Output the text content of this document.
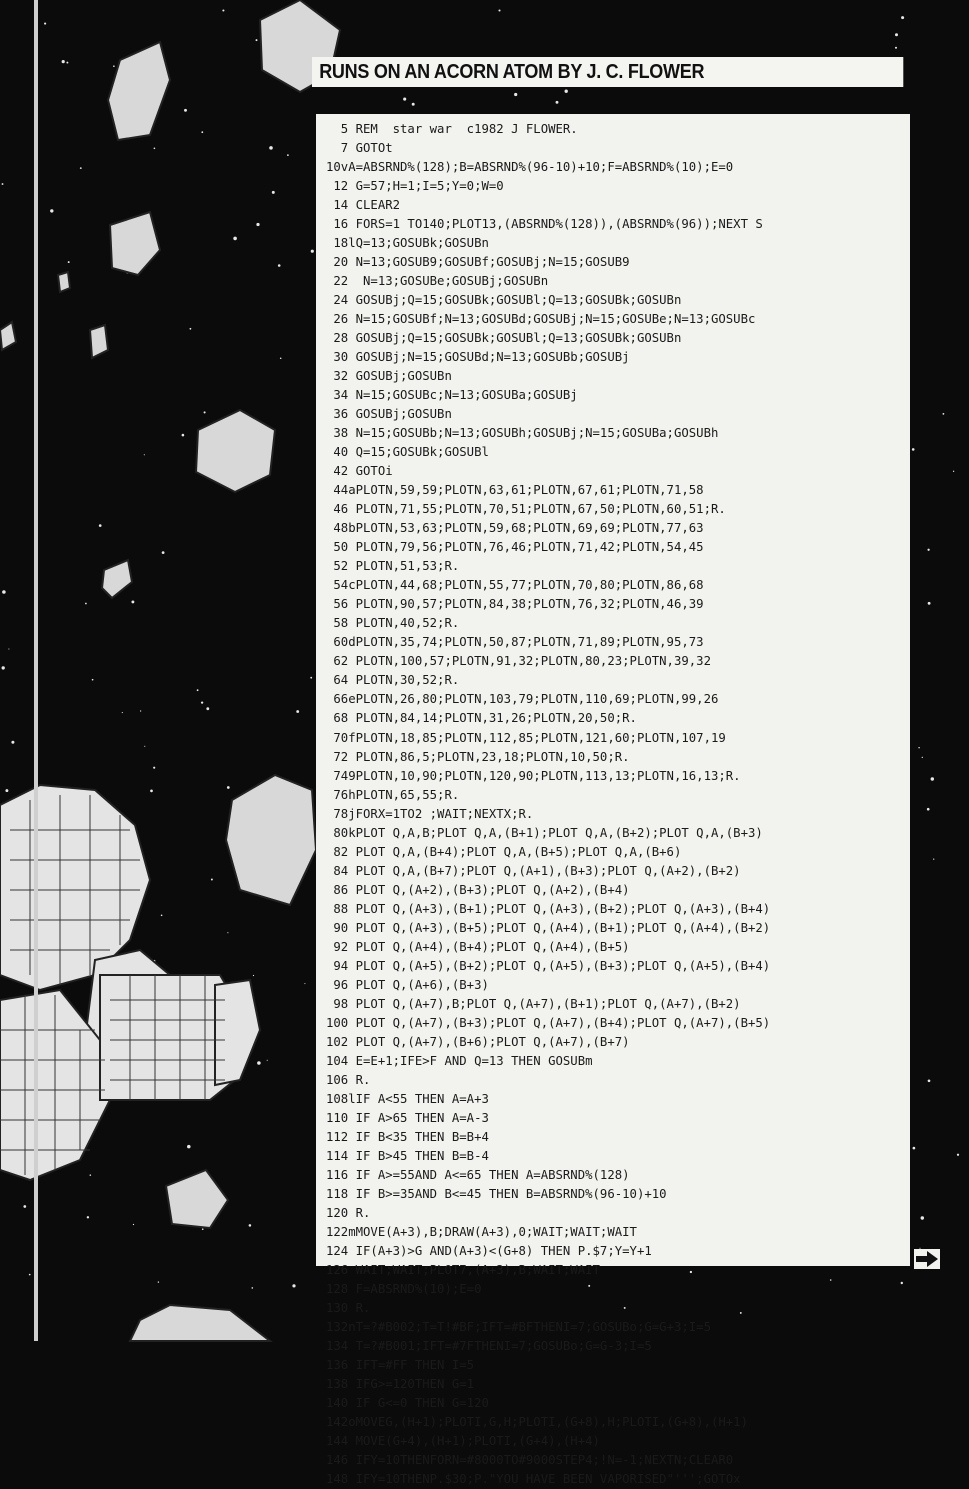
RUNS ON AN ACORN ATOM BY J. C. FLOWER
5 REM  star war  c1982 J FLOWER.
7 GOTOt
10vA=ABSRND%(128);B=ABSRND%(96-10)+10;F=ABSRND%(10);E=0
12 G=57;H=1;I=5;Y=0;W=0
14 CLEAR2
16 FORS=1 TO140;PLOT13,(ABSRND%(128)),(ABSRND%(96));NEXT S
18lQ=13;GOSUBk;GOSUBn
20 N=13;GOSUB9;GOSUBf;GOSUBj;N=15;GOSUB9
22  N=13;GOSUBe;GOSUBj;GOSUBn
24 GOSUBj;Q=15;GOSUBk;GOSUBl;Q=13;GOSUBk;GOSUBn
26 N=15;GOSUBf;N=13;GOSUBd;GOSUBj;N=15;GOSUBe;N=13;GOSUBc
28 GOSUBj;Q=15;GOSUBk;GOSUBl;Q=13;GOSUBk;GOSUBn
30 GOSUBj;N=15;GOSUBd;N=13;GOSUBb;GOSUBj
32 GOSUBj;GOSUBn
34 N=15;GOSUBc;N=13;GOSUBa;GOSUBj
36 GOSUBj;GOSUBn
38 N=15;GOSUBb;N=13;GOSUBh;GOSUBj;N=15;GOSUBa;GOSUBh
40 Q=15;GOSUBk;GOSUBl
42 GOTOi
44aPLOTN,59,59;PLOTN,63,61;PLOTN,67,61;PLOTN,71,58
46 PLOTN,71,55;PLOTN,70,51;PLOTN,67,50;PLOTN,60,51;R.
48bPLOTN,53,63;PLOTN,59,68;PLOTN,69,69;PLOTN,77,63
50 PLOTN,79,56;PLOTN,76,46;PLOTN,71,42;PLOTN,54,45
52 PLOTN,51,53;R.
54cPLOTN,44,68;PLOTN,55,77;PLOTN,70,80;PLOTN,86,68
56 PLOTN,90,57;PLOTN,84,38;PLOTN,76,32;PLOTN,46,39
58 PLOTN,40,52;R.
60dPLOTN,35,74;PLOTN,50,87;PLOTN,71,89;PLOTN,95,73
62 PLOTN,100,57;PLOTN,91,32;PLOTN,80,23;PLOTN,39,32
64 PLOTN,30,52;R.
66ePLOTN,26,80;PLOTN,103,79;PLOTN,110,69;PLOTN,99,26
68 PLOTN,84,14;PLOTN,31,26;PLOTN,20,50;R.
70fPLOTN,18,85;PLOTN,112,85;PLOTN,121,60;PLOTN,107,19
72 PLOTN,86,5;PLOTN,23,18;PLOTN,10,50;R.
749PLOTN,10,90;PLOTN,120,90;PLOTN,113,13;PLOTN,16,13;R.
76hPLOTN,65,55;R.
78jFORX=1TO2 ;WAIT;NEXTX;R.
80kPLOT Q,A,B;PLOT Q,A,(B+1);PLOT Q,A,(B+2);PLOT Q,A,(B+3)
82 PLOT Q,A,(B+4);PLOT Q,A,(B+5);PLOT Q,A,(B+6)
84 PLOT Q,A,(B+7);PLOT Q,(A+1),(B+3);PLOT Q,(A+2),(B+2)
86 PLOT Q,(A+2),(B+3);PLOT Q,(A+2),(B+4)
88 PLOT Q,(A+3),(B+1);PLOT Q,(A+3),(B+2);PLOT Q,(A+3),(B+4)
90 PLOT Q,(A+3),(B+5);PLOT Q,(A+4),(B+1);PLOT Q,(A+4),(B+2)
92 PLOT Q,(A+4),(B+4);PLOT Q,(A+4),(B+5)
94 PLOT Q,(A+5),(B+2);PLOT Q,(A+5),(B+3);PLOT Q,(A+5),(B+4)
96 PLOT Q,(A+6),(B+3)
98 PLOT Q,(A+7),B;PLOT Q,(A+7),(B+1);PLOT Q,(A+7),(B+2)
100 PLOT Q,(A+7),(B+3);PLOT Q,(A+7),(B+4);PLOT Q,(A+7),(B+5)
102 PLOT Q,(A+7),(B+6);PLOT Q,(A+7),(B+7)
104 E=E+1;IFE>F AND Q=13 THEN GOSUBm
106 R.
108lIF A<55 THEN A=A+3
110 IF A>65 THEN A=A-3
112 IF B<35 THEN B=B+4
114 IF B>45 THEN B=B-4
116 IF A>=55AND A<=65 THEN A=ABSRND%(128)
118 IF B>=35AND B<=45 THEN B=ABSRND%(96-10)+10
120 R.
122mMOVE(A+3),B;DRAW(A+3),0;WAIT;WAIT;WAIT
124 IF(A+3)>G AND(A+3)<(G+8) THEN P.$7;Y=Y+1
126 WAIT;WAIT;PLOT7,(A+3),B;WAIT;WAIT
128 F=ABSRND%(10);E=0
130 R.
132nT=?#B002;T=T!#BF;IFT=#BFTHENI=7;GOSUBo;G=G+3;I=5
134 T=?#B001;IFT=#7FTHENI=7;GOSUBo;G=G-3;I=5
136 IFT=#FF THEN I=5
138 IFG>=120THEN G=1
140 IF G<=0 THEN G=120
142oMOVEG,(H+1);PLOTI,G,H;PLOTI,(G+8),H;PLOTI,(G+8),(H+1)
144 MOVE(G+4),(H+1);PLOTI,(G+4),(H+4)
146 IFY=10THENFORN=#8000TO#9000STEP4;!N=-1;NEXTN;CLEAR0
148 IFY=10THENP.$30;P."YOU HAVE BEEN VAPORISED"''';GOTOx
